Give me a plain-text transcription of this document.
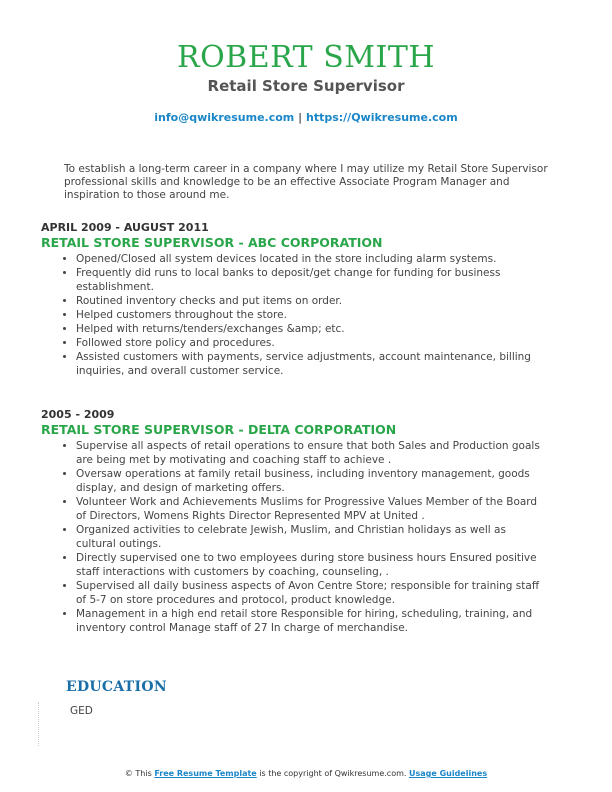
ROBERT SMITH
Retail Store Supervisor
info@qwikresume.com | https://Qwikresume.com
To establish a long-term career in a company where I may utilize my Retail Store Supervisor professional skills and knowledge to be an effective Associate Program Manager and inspiration to those around me.
APRIL 2009 - AUGUST 2011
RETAIL STORE SUPERVISOR - ABC CORPORATION
• Opened/Closed all system devices located in the store including alarm systems.
• Frequently did runs to local banks to deposit/get change for funding for business establishment.
• Routined inventory checks and put items on order.
• Helped customers throughout the store.
• Helped with returns/tenders/exchanges &amp; etc.
• Followed store policy and procedures.
• Assisted customers with payments, service adjustments, account maintenance, billing inquiries, and overall customer service.
2005 - 2009
RETAIL STORE SUPERVISOR - DELTA CORPORATION
• Supervise all aspects of retail operations to ensure that both Sales and Production goals are being met by motivating and coaching staff to achieve .
• Oversaw operations at family retail business, including inventory management, goods display, and design of marketing offers.
• Volunteer Work and Achievements Muslims for Progressive Values Member of the Board of Directors, Womens Rights Director Represented MPV at United .
• Organized activities to celebrate Jewish, Muslim, and Christian holidays as well as cultural outings.
• Directly supervised one to two employees during store business hours Ensured positive staff interactions with customers by coaching, counseling, .
• Supervised all daily business aspects of Avon Centre Store; responsible for training staff of 5-7 on store procedures and protocol, product knowledge.
• Management in a high end retail store Responsible for hiring, scheduling, training, and inventory control Manage staff of 27 In charge of merchandise.
EDUCATION
GED
© This Free Resume Template is the copyright of Qwikresume.com. Usage Guidelines
